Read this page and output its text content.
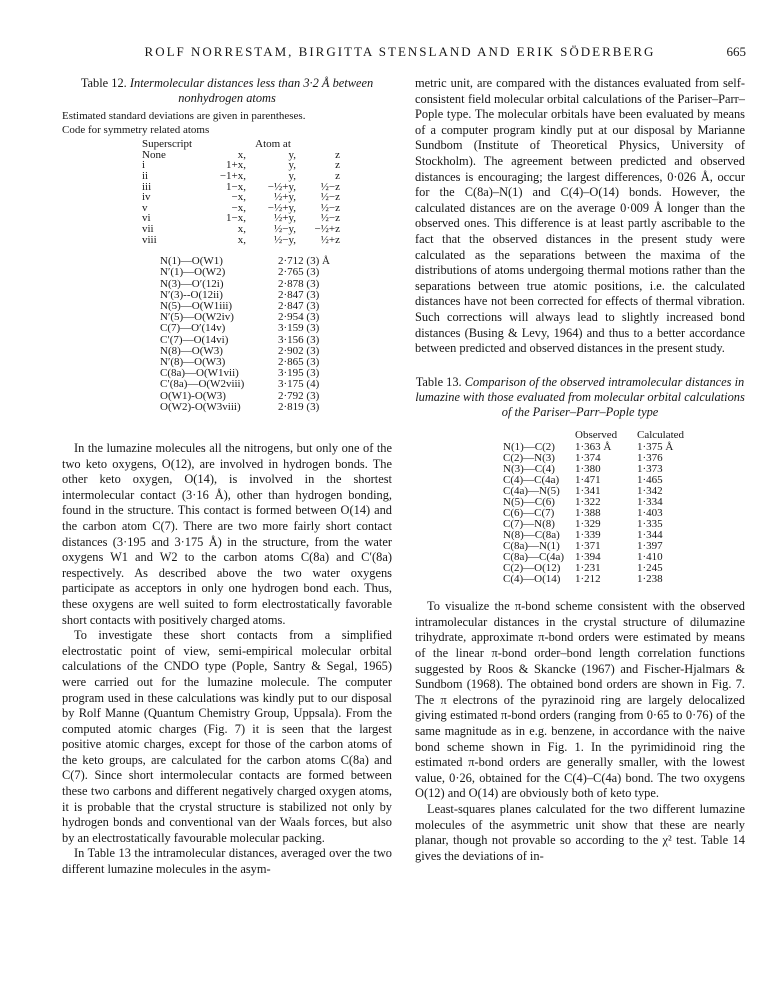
ROLF NORRESTAM, BIRGITTA STENSLAND AND ERIK SÖDERBERG	665
Table 12. Intermolecular distances less than 3·2 Å between nonhydrogen atoms
Estimated standard deviations are given in parentheses.
Code for symmetry related atoms
Superscript	Atom at		
None	x,	y,	z
i	1+x,	y,	z
ii	−1+x,	y,	z
iii	1−x,	−½+y,	½−z
iv	−x,	½+y,	½−z
v	−x,	−½+y,	½−z
vi	1−x,	½+y,	½−z
vii	x,	½−y,	−½+z
viii	x,	½−y,	½+z
N(1)—O(W1)	2·712 (3) Å
N′(1)—O(W2)	2·765 (3)
N(3)—O′(12i)	2·878 (3)
N′(3)--O(12ii)	2·847 (3)
N(5)—O(W1iii)	2·847 (3)
N′(5)—O(W2iv)	2·954 (3)
C(7)—O′(14v)	3·159 (3)
C′(7)—O(14vi)	3·156 (3)
N(8)—O(W3)	2·902 (3)
N′(8)—O(W3)	2·865 (3)
C(8a)—O(W1vii)	3·195 (3)
C′(8a)—O(W2viii)	3·175 (4)
O(W1)-O(W3)	2·792 (3)
O(W2)-O(W3viii)	2·819 (3)

In the lumazine molecules all the nitrogens, but only one of the two keto oxygens, O(12), are involved in hydrogen bonds. The other keto oxygen, O(14), is involved in the shortest intermolecular contact (3·16 Å), other than hydrogen bonding, found in the structure. This contact is formed between O(14) and the carbon atom C(7). There are two more fairly short contact distances (3·195 and 3·175 Å) in the structure, from the water oxygens W1 and W2 to the carbon atoms C(8a) and C′(8a) respectively. As described above the two water oxygens participate as acceptors in only one hydrogen bond each. Thus, these oxygens are well suited to form electrostatically favorable short contacts with positively charged atoms.

To investigate these short contacts from a simplified electrostatic point of view, semi-empirical molecular orbital calculations of the CNDO type (Pople, Santry & Segal, 1965) were carried out for the lumazine molecule. The computer program used in these calculations was kindly put to our disposal by Rolf Manne (Quantum Chemistry Group, Uppsala). From the computed atomic charges (Fig. 7) it is seen that the largest positive atomic charges, except for those of the carbon atoms of the keto groups, are calculated for the carbon atoms C(8a) and C(7). Since short intermolecular contacts are formed between these two carbons and different negatively charged oxygen atoms, it is probable that the crystal structure is stabilized not only by hydrogen bonds and conventional van der Waals forces, but also by an electrostatically favourable molecular packing.

In Table 13 the intramolecular distances, averaged over the two different lumazine molecules in the asym-

metric unit, are compared with the distances evaluated from self-consistent field molecular orbital calculations of the Pariser–Parr–Pople type. The molecular orbitals have been evaluated by means of a computer program kindly put at our disposal by Marianne Sundbom (Institute of Theoretical Physics, University of Stockholm). The agreement between predicted and observed distances is encouraging; the largest differences, 0·026 Å, occur for the C(8a)–N(1) and C(4)–O(14) bonds. However, the calculated distances are on the average 0·009 Å longer than the observed ones. This difference is at least partly ascribable to the fact that the observed distances in the present study were calculated as the separations between the maxima of the distributions of atoms undergoing thermal motions rather than the separations between true atomic positions, i.e. the calculated distances have not been corrected for effects of thermal vibration. Such corrections will always lead to slightly increased bond distances (Busing & Levy, 1964) and thus to a better accordance between predicted and observed distances in the present study.

Table 13. Comparison of the observed intramolecular distances in lumazine with those evaluated from molecular orbital calculations of the Pariser–Parr–Pople type
	Observed	Calculated
N(1)—C(2)	1·363 Å	1·375 Å
C(2)—N(3)	1·374	1·376
N(3)—C(4)	1·380	1·373
C(4)—C(4a)	1·471	1·465
C(4a)—N(5)	1·341	1·342
N(5)—C(6)	1·322	1·334
C(6)—C(7)	1·388	1·403
C(7)—N(8)	1·329	1·335
N(8)—C(8a)	1·339	1·344
C(8a)—N(1)	1·371	1·397
C(8a)—C(4a)	1·394	1·410
C(2)—O(12)	1·231	1·245
C(4)—O(14)	1·212	1·238

To visualize the π-bond scheme consistent with the observed intramolecular distances in the crystal structure of dilumazine trihydrate, approximate π-bond orders were estimated by means of the linear π-bond order–bond length correlation functions suggested by Roos & Skancke (1967) and Fischer-Hjalmars & Sundbom (1968). The obtained bond orders are shown in Fig. 7. The π electrons of the pyrazinoid ring are largely delocalized giving estimated π-bond orders (ranging from 0·65 to 0·76) of the same magnitude as in e.g. benzene, in accordance with the naive bond scheme shown in Fig. 1. In the pyrimidinoid ring the estimated π-bond orders are generally smaller, with the lowest value, 0·26, obtained for the C(4)–C(4a) bond. The two oxygens O(12) and O(14) are obviously both of keto type.

Least-squares planes calculated for the two different lumazine molecules of the asymmetric unit show that these are nearly planar, though not provable so according to the χ² test. Table 14 gives the deviations of in-
